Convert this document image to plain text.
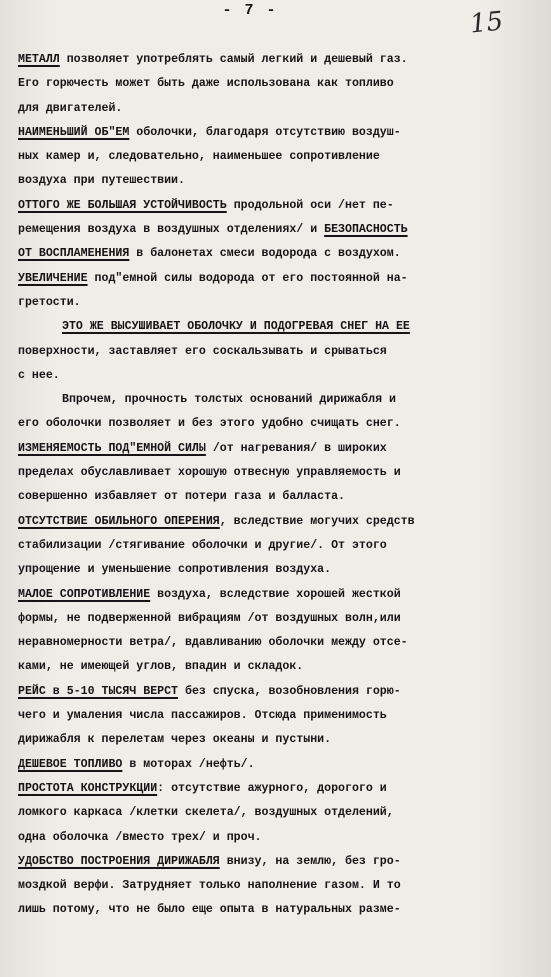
- 7 -	15
МЕТАЛЛ позволяет употреблять самый легкий и дешевый газ.
Его горючесть может быть даже использована как топливо
для двигателей.
НАИМЕНЬШИЙ ОБ"ЕМ оболочки, благодаря отсутствию воздуш-
ных камер и, следовательно, наименьшее сопротивление
воздуха при путешествии.
ОТТОГО ЖЕ БОЛЬШАЯ УСТОЙЧИВОСТЬ продольной оси /нет пе-
ремещения воздуха в воздушных отделениях/ и БЕЗОПАСНОСТЬ
ОТ ВОСПЛАМЕНЕНИЯ в балонетах смеси водорода с воздухом.
УВЕЛИЧЕНИЕ под"емной силы водорода от его постоянной на-
гретости.
ЭТО ЖЕ ВЫСУШИВАЕТ ОБОЛОЧКУ И ПОДОГРЕВАЯ СНЕГ НА ЕЕ
поверхности, заставляет его соскальзывать и срываться
с нее.
Впрочем, прочность толстых оснований дирижабля и
его оболочки позволяет и без этого удобно счищать снег.
ИЗМЕНЯЕМОСТЬ ПОД"ЕМНОЙ СИЛЫ /от нагревания/ в широких
пределах обуславливает хорошую отвесную управляемость и
совершенно избавляет от потери газа и балласта.
ОТСУТСТВИЕ ОБИЛЬНОГО ОПЕРЕНИЯ, вследствие могучих средств
стабилизации /стягивание оболочки и другие/. От этого
упрощение и уменьшение сопротивления воздуха.
МАЛОЕ СОПРОТИВЛЕНИЕ воздуха, вследствие хорошей жесткой
формы, не подверженной вибрациям /от воздушных волн,или
неравномерности ветра/, вдавливанию оболочки между отсе-
ками, не имеющей углов, впадин и складок.
РЕЙС в 5-10 ТЫСЯЧ ВЕРСТ без спуска, возобновления горю-
чего и умаления числа пассажиров. Отсюда применимость
дирижабля к перелетам через океаны и пустыни.
ДЕШЕВОЕ ТОПЛИВО в моторах /нефть/.
ПРОСТОТА КОНСТРУКЦИИ: отсутствие ажурного, дорогого и
ломкого каркаса /клетки скелета/, воздушных отделений,
одна оболочка /вместо трех/ и проч.
УДОБСТВО ПОСТРОЕНИЯ ДИРИЖАБЛЯ внизу, на землю, без гро-
моздкой верфи. Затрудняет только наполнение газом. И то
лишь потому, что не было еще опыта в натуральных разме-
